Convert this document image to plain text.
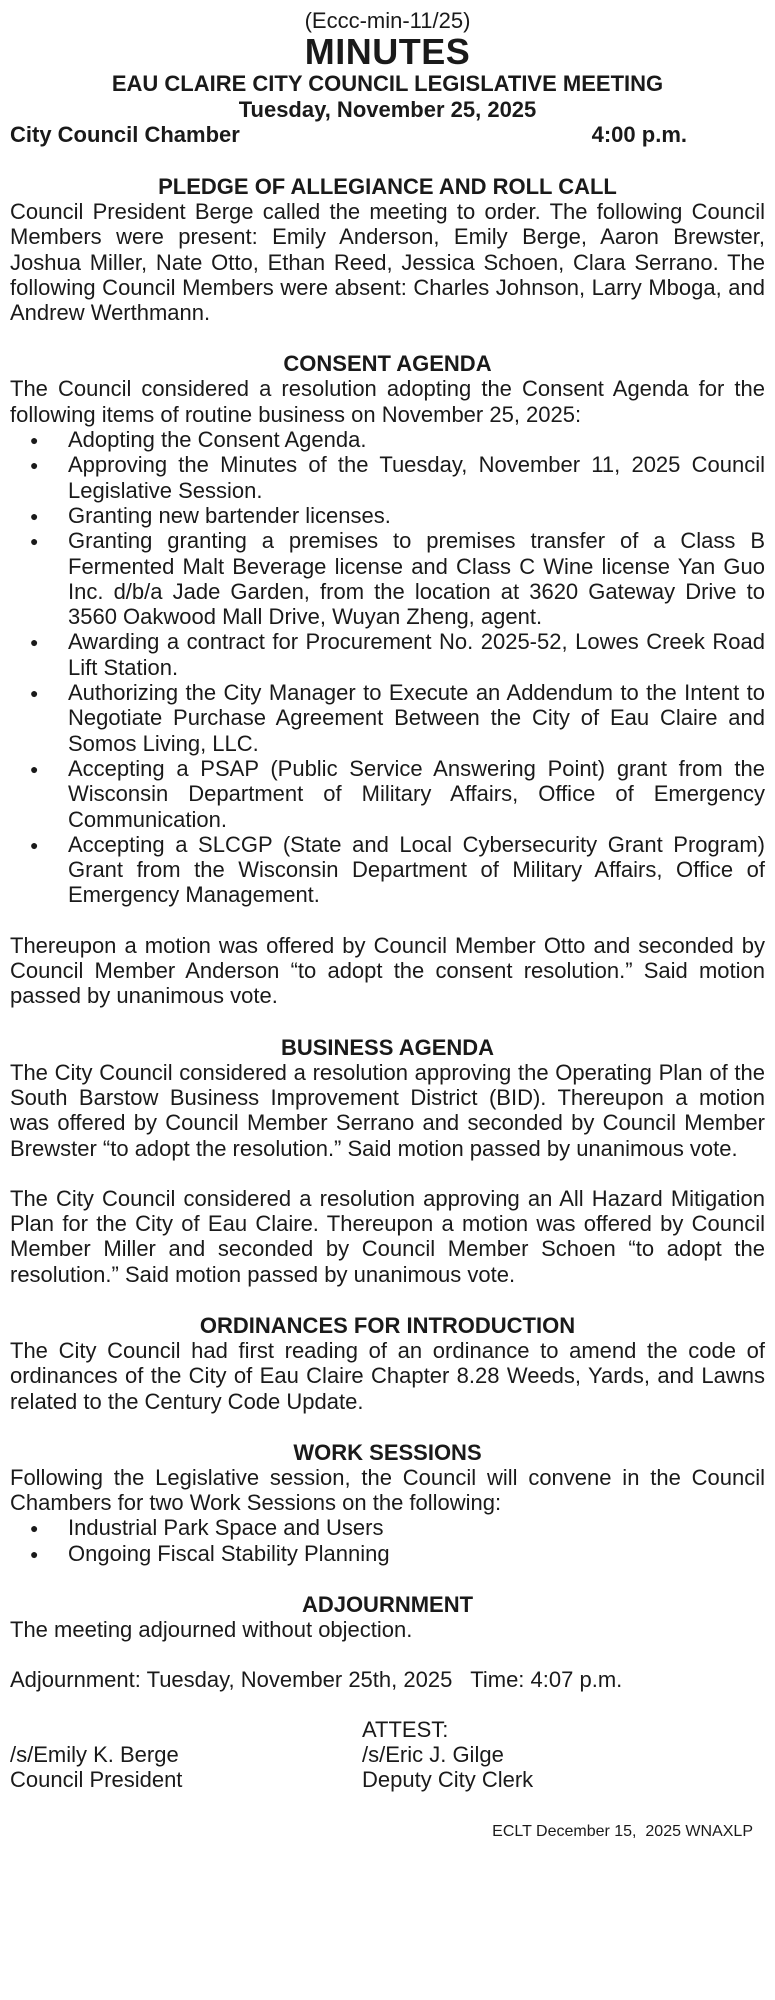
(Eccc-min-11/25)
MINUTES
EAU CLAIRE CITY COUNCIL LEGISLATIVE MEETING
Tuesday, November 25, 2025
City Council Chamber	4:00 p.m.
PLEDGE OF ALLEGIANCE AND ROLL CALL

Council President Berge called the meeting to order. The following Council Members were present: Emily Anderson, Emily Berge, Aaron Brewster, Joshua Miller, Nate Otto, Ethan Reed, Jessica Schoen, Clara Serrano. The following Council Members were absent: Charles Johnson, Larry Mboga, and Andrew Werthmann.

CONSENT AGENDA

The Council considered a resolution adopting the Consent Agenda for the following items of routine business on November 25, 2025:

● Adopting the Consent Agenda.
● Approving the Minutes of the Tuesday, November 11, 2025 Council Legislative Session.
● Granting new bartender licenses.
● Granting granting a premises to premises transfer of a Class B Fermented Malt Beverage license and Class C Wine license Yan Guo Inc. d/b/a Jade Garden, from the location at 3620 Gateway Drive to 3560 Oakwood Mall Drive, Wuyan Zheng, agent.
● Awarding a contract for Procurement No. 2025-52, Lowes Creek Road Lift Station.
● Authorizing the City Manager to Execute an Addendum to the Intent to Negotiate Purchase Agreement Between the City of Eau Claire and Somos Living, LLC.
● Accepting a PSAP (Public Service Answering Point) grant from the Wisconsin Department of Military Affairs, Office of Emergency Communication.
● Accepting a SLCGP (State and Local Cybersecurity Grant Program) Grant from the Wisconsin Department of Military Affairs, Office of Emergency Management.

Thereupon a motion was offered by Council Member Otto and seconded by Council Member Anderson “to adopt the consent resolution.” Said motion passed by unanimous vote.

BUSINESS AGENDA

The City Council considered a resolution approving the Operating Plan of the South Barstow Business Improvement District (BID). Thereupon a motion was offered by Council Member Serrano and seconded by Council Member Brewster “to adopt the resolution.” Said motion passed by unanimous vote.

The City Council considered a resolution approving an All Hazard Mitigation Plan for the City of Eau Claire. Thereupon a motion was offered by Council Member Miller and seconded by Council Member Schoen “to adopt the resolution.” Said motion passed by unanimous vote.

ORDINANCES FOR INTRODUCTION

The City Council had first reading of an ordinance to amend the code of ordinances of the City of Eau Claire Chapter 8.28 Weeds, Yards, and Lawns related to the Century Code Update.

WORK SESSIONS

Following the Legislative session, the Council will convene in the Council Chambers for two Work Sessions on the following:

● Industrial Park Space and Users
● Ongoing Fiscal Stability Planning
ADJOURNMENT
The meeting adjourned without objection.
Adjournment: Tuesday, November 25th, 2025   Time: 4:07 p.m.

/s/Emily K. Berge
Council President
ATTEST:
/s/Eric J. Gilge
Deputy City Clerk
ECLT December 15,  2025 WNAXLP
